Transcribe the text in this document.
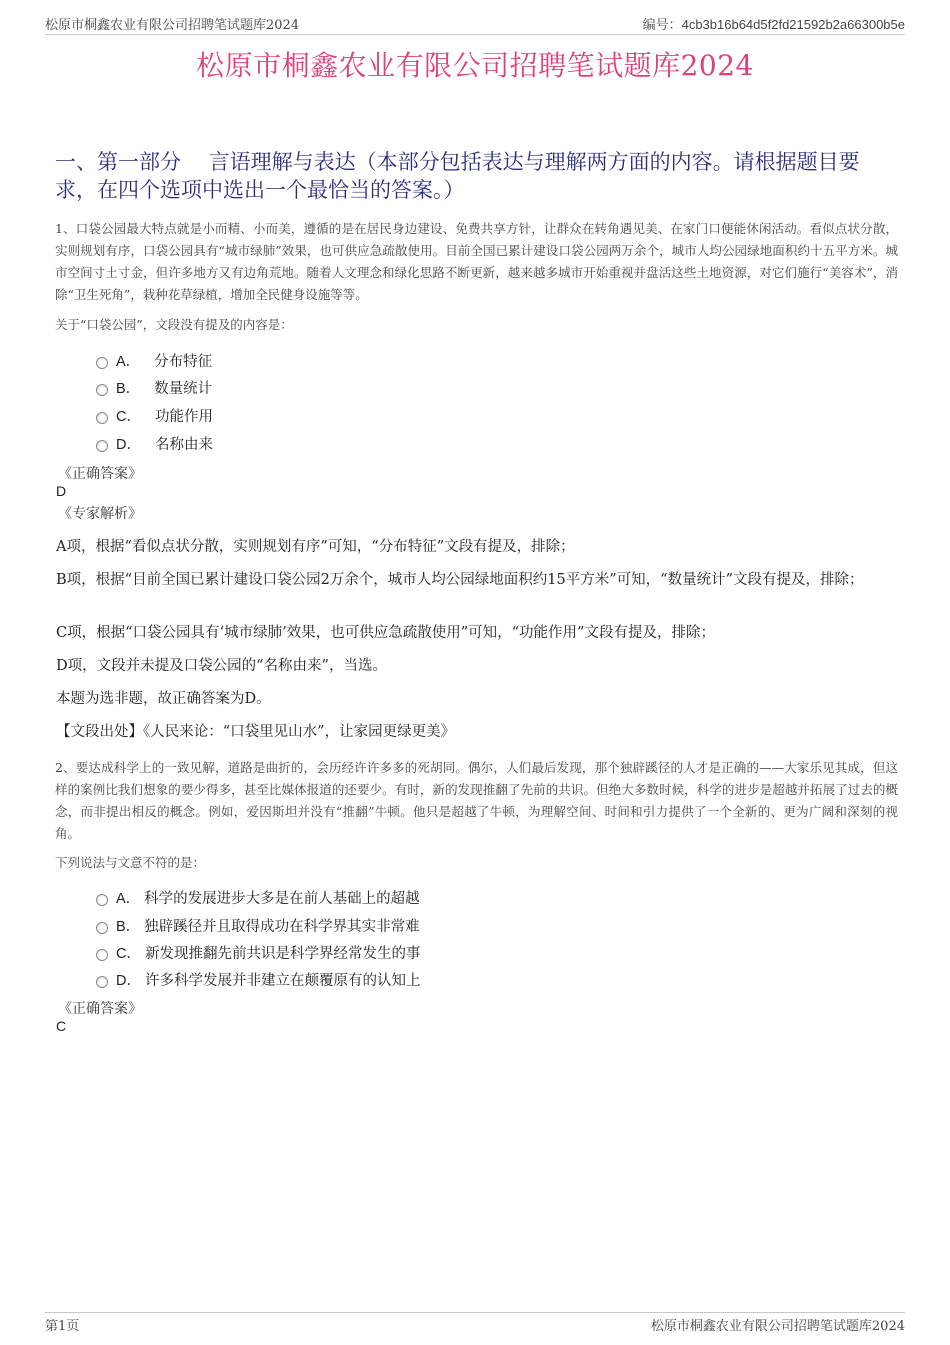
松原市桐鑫农业有限公司招聘笔试题库2024	编号：4cb3b16b64d5f2fd21592b2a66300b5e
松原市桐鑫农业有限公司招聘笔试题库2024
一、第一部分　 言语理解与表达（本部分包括表达与理解两方面的内容。请根据题目要求，在四个选项中选出一个最恰当的答案。）
1、口袋公园最大特点就是小而精、小而美，遵循的是在居民身边建设、免费共享方针，让群众在转角遇见美、在家门口便能休闲活动。看似点状分散，实则规划有序，口袋公园具有“城市绿肺”效果，也可供应急疏散使用。目前全国已累计建设口袋公园两万余个，城市人均公园绿地面积约十五平方米。城市空间寸土寸金，但许多地方又有边角荒地。随着人文理念和绿化思路不断更新，越来越多城市开始重视并盘活这些土地资源，对它们施行“美容术”，消除“卫生死角”，栽种花草绿植，增加全民健身设施等等。
关于“口袋公园”，文段没有提及的内容是：
A． 分布特征
B． 数量统计
C． 功能作用
D． 名称由来
《正确答案》
D
《专家解析》
A项，根据“看似点状分散，实则规划有序”可知，“分布特征”文段有提及，排除；
B项，根据“目前全国已累计建设口袋公园2万余个，城市人均公园绿地面积约15平方米”可知，“数量统计”文段有提及，排除；
C项，根据“口袋公园具有‘城市绿肺’效果，也可供应急疏散使用”可知，“功能作用”文段有提及，排除；
D项，文段并未提及口袋公园的“名称由来”，当选。
本题为选非题，故正确答案为D。
【文段出处】《人民来论：“口袋里见山水”，让家园更绿更美》
2、要达成科学上的一致见解，道路是曲折的，会历经许许多多的死胡同。偶尔，人们最后发现，那个独辟蹊径的人才是正确的——大家乐见其成，但这样的案例比我们想象的要少得多，甚至比媒体报道的还要少。有时，新的发现推翻了先前的共识。但绝大多数时候，科学的进步是超越并拓展了过去的概念，而非提出相反的概念。例如，爱因斯坦并没有“推翻”牛顿。他只是超越了牛顿，为理解空间、时间和引力提供了一个全新的、更为广阔和深刻的视角。
下列说法与文意不符的是：
A． 科学的发展进步大多是在前人基础上的超越
B． 独辟蹊径并且取得成功在科学界其实非常难
C． 新发现推翻先前共识是科学界经常发生的事
D． 许多科学发展并非建立在颠覆原有的认知上
《正确答案》
C
第1页	松原市桐鑫农业有限公司招聘笔试题库2024
